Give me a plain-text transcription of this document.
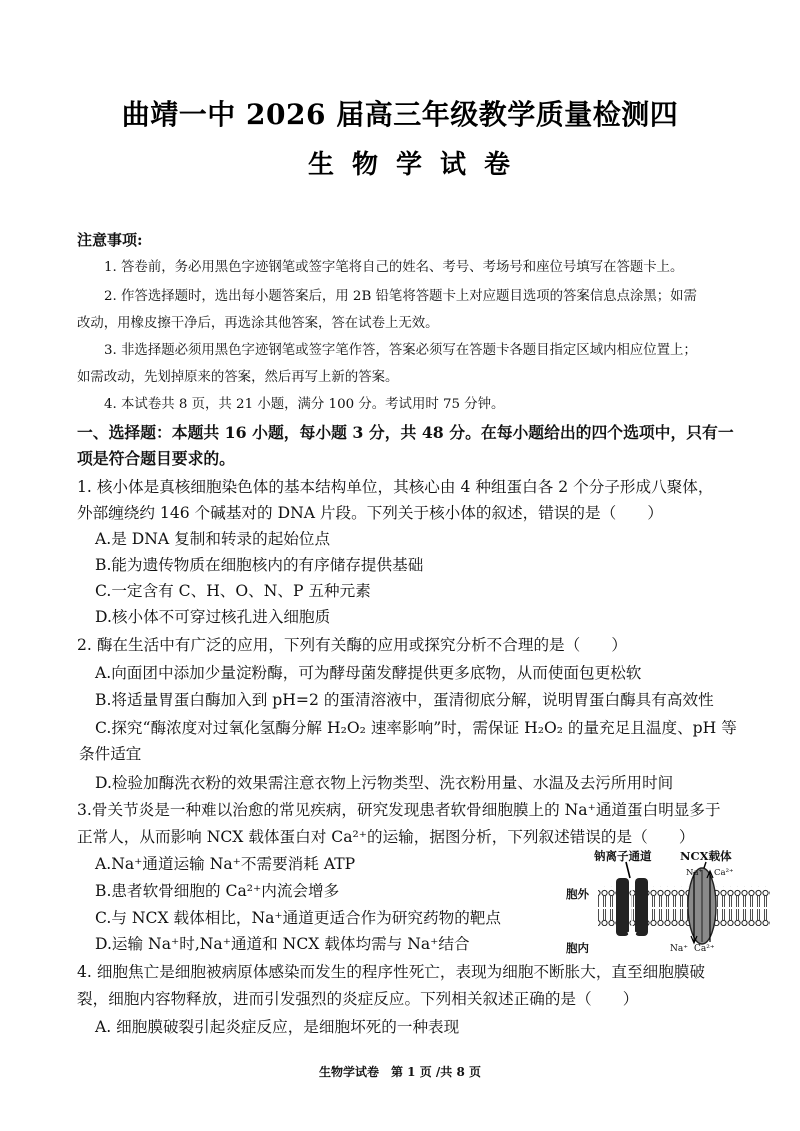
曲靖一中 2026 届高三年级教学质量检测四
生物学试卷
注意事项:
1. 答卷前，务必用黑色字迹钢笔或签字笔将自己的姓名、考号、考场号和座位号填写在答题卡上。
2. 作答选择题时，选出每小题答案后，用 2B 铅笔将答题卡上对应题目选项的答案信息点涂黑；如需
改动，用橡皮擦干净后，再选涂其他答案，答在试卷上无效。
3. 非选择题必须用黑色字迹钢笔或签字笔作答，答案必须写在答题卡各题目指定区域内相应位置上；
如需改动，先划掉原来的答案，然后再写上新的答案。
4. 本试卷共 8 页，共 21 小题，满分 100 分。考试用时 75 分钟。
一、选择题：本题共 16 小题，每小题 3 分，共 48 分。在每小题给出的四个选项中，只有一
项是符合题目要求的。
1. 核小体是真核细胞染色体的基本结构单位，其核心由 4 种组蛋白各 2 个分子形成八聚体，
外部缠绕约 146 个碱基对的 DNA 片段。下列关于核小体的叙述，错误的是（　　）
A.是 DNA 复制和转录的起始位点
B.能为遗传物质在细胞核内的有序储存提供基础
C.一定含有 C、H、O、N、P 五种元素
D.核小体不可穿过核孔进入细胞质
2. 酶在生活中有广泛的应用，下列有关酶的应用或探究分析不合理的是（　　）
A.向面团中添加少量淀粉酶，可为酵母菌发酵提供更多底物，从而使面包更松软
B.将适量胃蛋白酶加入到 pH=2 的蛋清溶液中，蛋清彻底分解，说明胃蛋白酶具有高效性
C.探究“酶浓度对过氧化氢酶分解 H₂O₂ 速率影响”时，需保证 H₂O₂ 的量充足且温度、pH 等
条件适宜
D.检验加酶洗衣粉的效果需注意衣物上污物类型、洗衣粉用量、水温及去污所用时间
3.骨关节炎是一种难以治愈的常见疾病，研究发现患者软骨细胞膜上的 Na⁺通道蛋白明显多于
正常人，从而影响 NCX 载体蛋白对 Ca²⁺的运输，据图分析，下列叙述错误的是（　　）
A.Na⁺通道运输 Na⁺不需要消耗 ATP
B.患者软骨细胞的 Ca²⁺内流会增多
C.与 NCX 载体相比，Na⁺通道更适合作为研究药物的靶点
D.运输 Na⁺时,Na⁺通道和 NCX 载体均需与 Na⁺结合
钠离子通道 NCX载体
胞外
胞内	Na⁺ Ca²⁺
Na⁺ Ca²⁺
4. 细胞焦亡是细胞被病原体感染而发生的程序性死亡，表现为细胞不断胀大，直至细胞膜破
裂，细胞内容物释放，进而引发强烈的炎症反应。下列相关叙述正确的是（　　）
A. 细胞膜破裂引起炎症反应，是细胞坏死的一种表现
生物学试卷　第 1 页 /共 8 页
